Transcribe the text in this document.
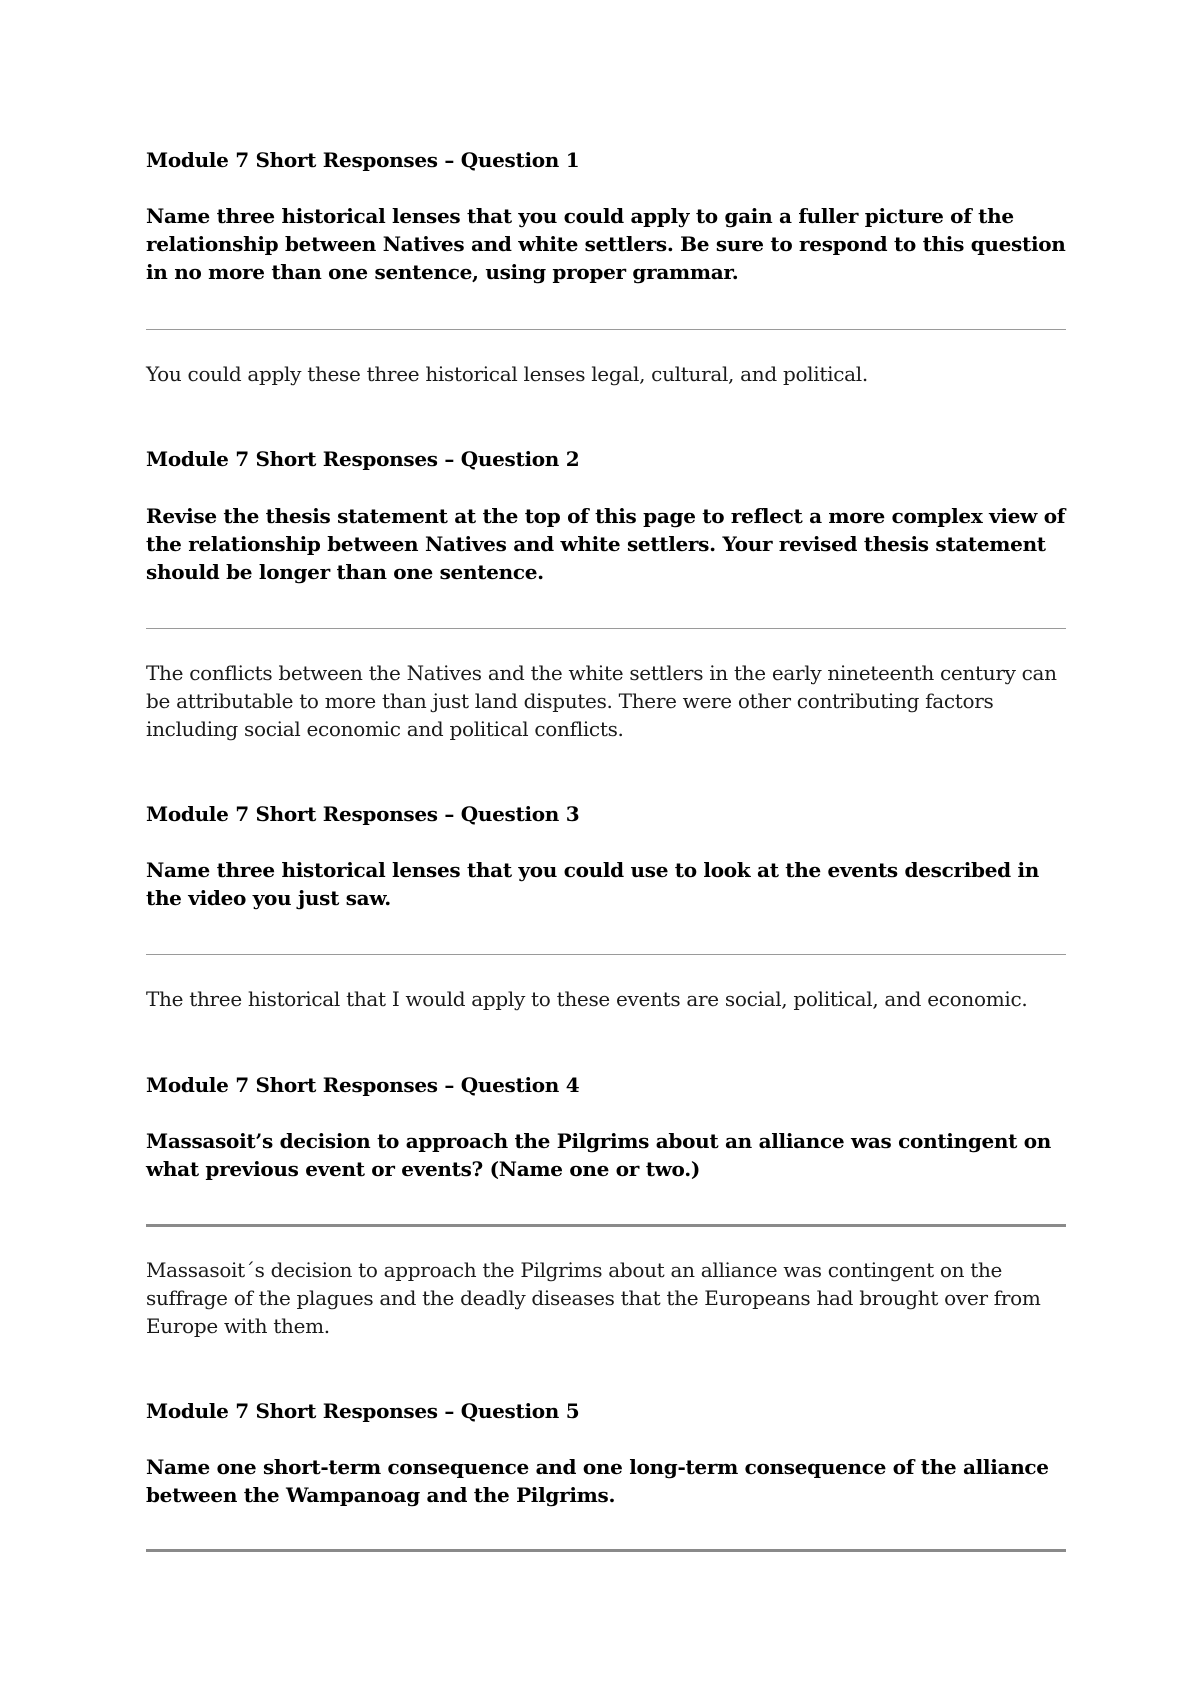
Module 7 Short Responses – Question 1

Name three historical lenses that you could apply to gain a fuller picture of the relationship between Natives and white settlers. Be sure to respond to this question in no more than one sentence, using proper grammar.

You could apply these three historical lenses legal, cultural, and political.

Module 7 Short Responses – Question 2

Revise the thesis statement at the top of this page to reflect a more complex view of the relationship between Natives and white settlers. Your revised thesis statement should be longer than one sentence.

The conflicts between the Natives and the white settlers in the early nineteenth century can be attributable to more than just land disputes. There were other contributing factors including social economic and political conflicts.

Module 7 Short Responses – Question 3

Name three historical lenses that you could use to look at the events described in the video you just saw.

The three historical that I would apply to these events are social, political, and economic.

Module 7 Short Responses – Question 4

Massasoit’s decision to approach the Pilgrims about an alliance was contingent on what previous event or events? (Name one or two.)

Massasoit´s decision to approach the Pilgrims about an alliance was contingent on the suffrage of the plagues and the deadly diseases that the Europeans had brought over from Europe with them.

Module 7 Short Responses – Question 5

Name one short-term consequence and one long-term consequence of the alliance between the Wampanoag and the Pilgrims.
